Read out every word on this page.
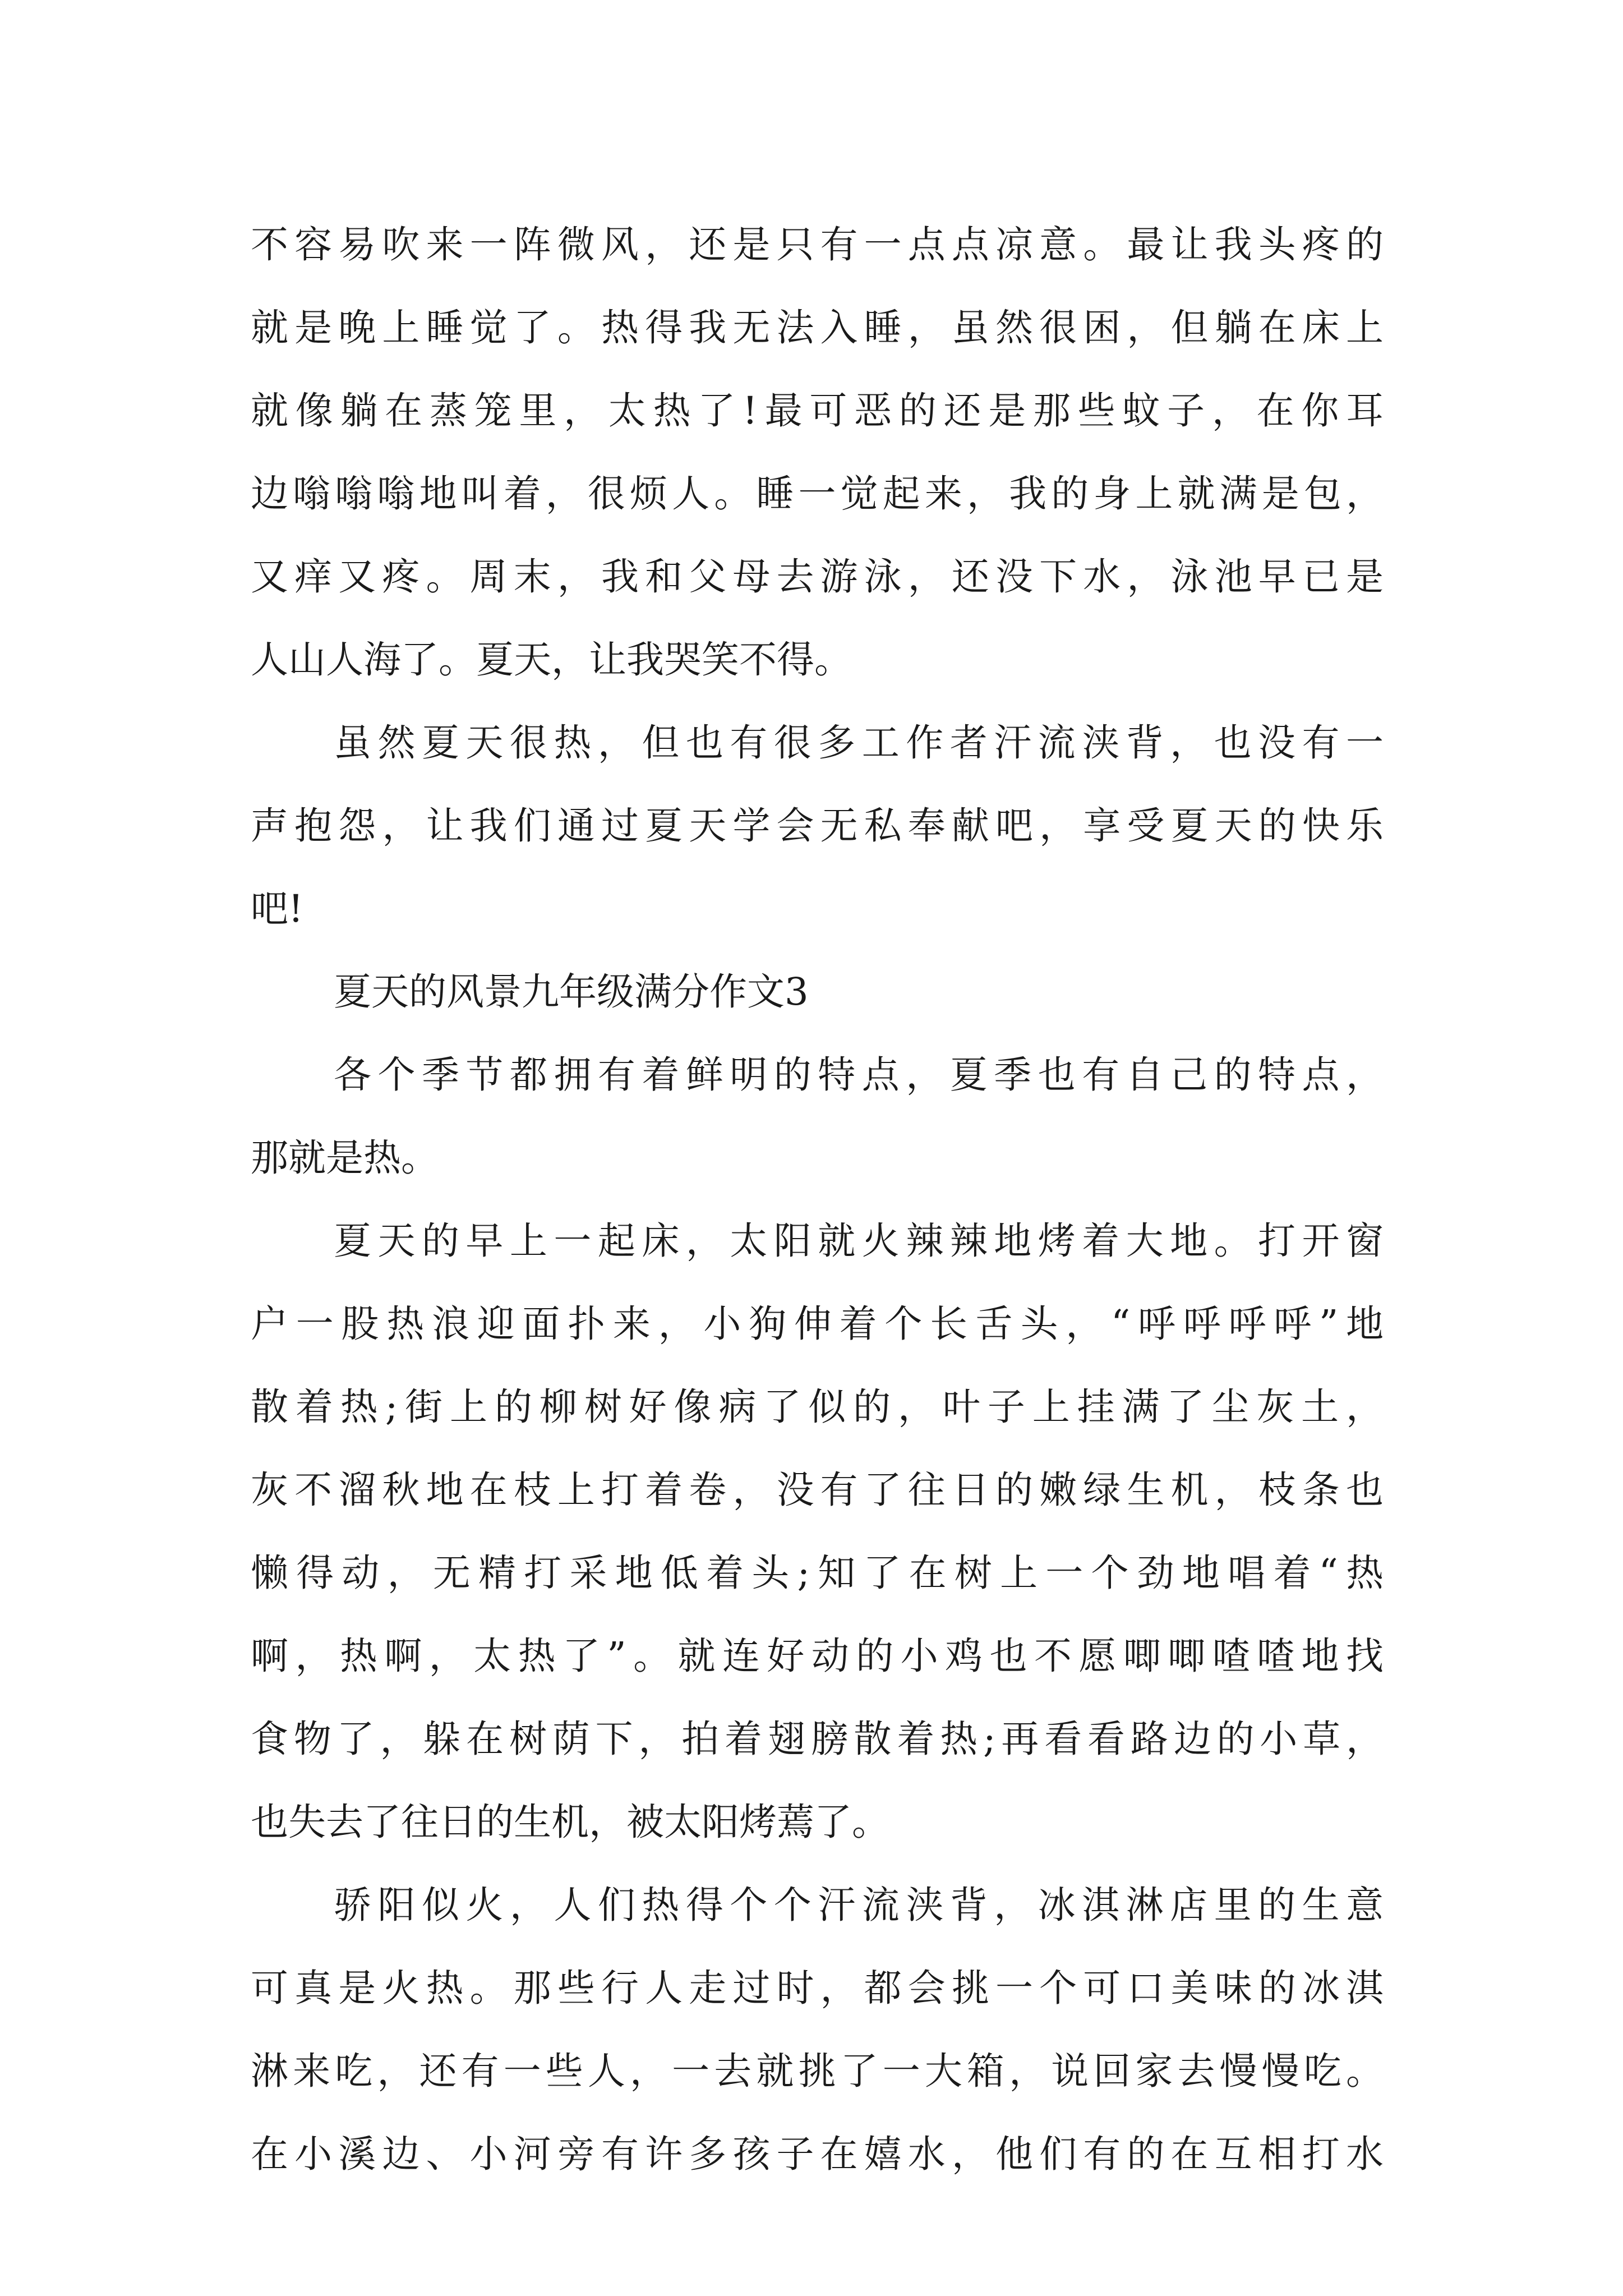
不容易吹来一阵微风，还是只有一点点凉意。最让我头疼的
就是晚上睡觉了。热得我无法入睡，虽然很困，但躺在床上
就像躺在蒸笼里，太热了!最可恶的还是那些蚊子，在你耳
边嗡嗡嗡地叫着，很烦人。睡一觉起来，我的身上就满是包，
又痒又疼。周末，我和父母去游泳，还没下水，泳池早已是
人山人海了。夏天，让我哭笑不得。
虽然夏天很热，但也有很多工作者汗流浃背，也没有一
声抱怨，让我们通过夏天学会无私奉献吧，享受夏天的快乐
吧!
夏天的风景九年级满分作文3
各个季节都拥有着鲜明的特点，夏季也有自己的特点，
那就是热。
夏天的早上一起床，太阳就火辣辣地烤着大地。打开窗
户一股热浪迎面扑来，小狗伸着个长舌头，“呼呼呼呼”地
散着热;街上的柳树好像病了似的，叶子上挂满了尘灰土，
灰不溜秋地在枝上打着卷，没有了往日的嫩绿生机，枝条也
懒得动，无精打采地低着头;知了在树上一个劲地唱着“热
啊，热啊，太热了”。就连好动的小鸡也不愿唧唧喳喳地找
食物了，躲在树荫下，拍着翅膀散着热;再看看路边的小草，
也失去了往日的生机，被太阳烤蔫了。
骄阳似火，人们热得个个汗流浃背，冰淇淋店里的生意
可真是火热。那些行人走过时，都会挑一个可口美味的冰淇
淋来吃，还有一些人，一去就挑了一大箱，说回家去慢慢吃。
在小溪边、小河旁有许多孩子在嬉水，他们有的在互相打水
